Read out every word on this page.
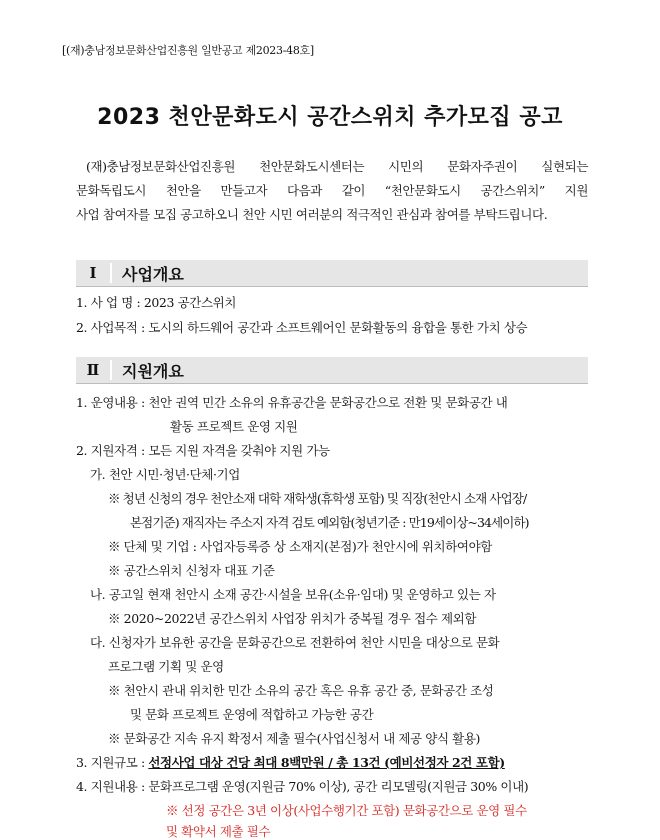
[(재)충남정보문화산업진흥원 일반공고 제2023-48호]
2023 천안문화도시 공간스위치 추가모집 공고
(재)충남정보문화산업진흥원 천안문화도시센터는 시민의 문화자주권이 실현되는
문화독립도시 천안을 만들고자 다음과 같이 “천안문화도시 공간스위치” 지원
사업 참여자를 모집 공고하오니 천안 시민 여러분의 적극적인 관심과 참여를 부탁드립니다.
Ⅰ	사업개요
1. 사 업 명 : 2023 공간스위치
2. 사업목적 : 도시의 하드웨어 공간과 소프트웨어인 문화활동의 융합을 통한 가치 상승
Ⅱ	지원개요
1. 운영내용 : 천안 권역 민간 소유의 유휴공간을 문화공간으로 전환 및 문화공간 내
활동 프로젝트 운영 지원
2. 지원자격 : 모든 지원 자격을 갖춰야 지원 가능
가. 천안 시민·청년·단체·기업
※ 청년 신청의 경우 천안소재 대학 재학생(휴학생 포함) 및 직장(천안시 소재 사업장/
본점기준) 재직자는 주소지 자격 검토 예외함(청년기준 : 만19세이상~34세이하)
※ 단체 및 기업 : 사업자등록증 상 소재지(본점)가 천안시에 위치하여야함
※ 공간스위치 신청자 대표 기준
나. 공고일 현재 천안시 소재 공간·시설을 보유(소유·임대) 및 운영하고 있는 자
※ 2020~2022년 공간스위치 사업장 위치가 중복될 경우 접수 제외함
다. 신청자가 보유한 공간을 문화공간으로 전환하여 천안 시민을 대상으로 문화
프로그램 기획 및 운영
※ 천안시 관내 위치한 민간 소유의 공간 혹은 유휴 공간 중, 문화공간 조성
및 문화 프로젝트 운영에 적합하고 가능한 공간
※ 문화공간 지속 유지 확정서 제출 필수(사업신청서 내 제공 양식 활용)
3. 지원규모 : 선정사업 대상 건당 최대 8백만원 / 총 13건 (예비선정자 2건 포함)
4. 지원내용 : 문화프로그램 운영(지원금 70% 이상), 공간 리모델링(지원금 30% 이내)
※ 선정 공간은 3년 이상(사업수행기간 포함) 문화공간으로 운영 필수
및 확약서 제출 필수
